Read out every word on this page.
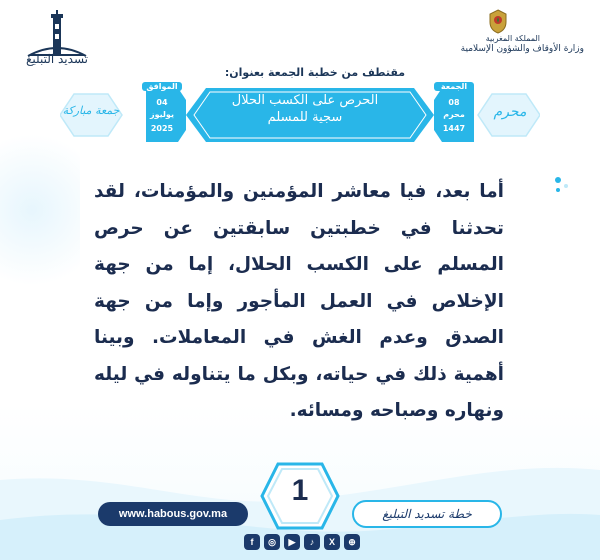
تسديد التبليغ
المملكة المغربية
وزارة الأوقاف والشؤون الإسلامية
مقتطف من خطبة الجمعة بعنوان:
الحرص على الكسب الحلال
سجية للمسلم
الجمعة
08
محرم
1447
الموافق
04
يوليوز
2025
محرم
جمعة مباركة
أما بعد، فيا معاشر المؤمنين والمؤمنات، لقد تحدثنا في خطبتين سابقتين عن حرص المسلم على الكسب الحلال، إما من جهة الإخلاص في العمل المأجور وإما من جهة الصدق وعدم الغش في المعاملات. وبينا أهمية ذلك في حياته، وبكل ما يتناوله في ليله ونهاره وصباحه ومسائه.
www.habous.gov.ma
1
خطة تسديد التبليغ
f	◎	▶	♪	X	⊕
